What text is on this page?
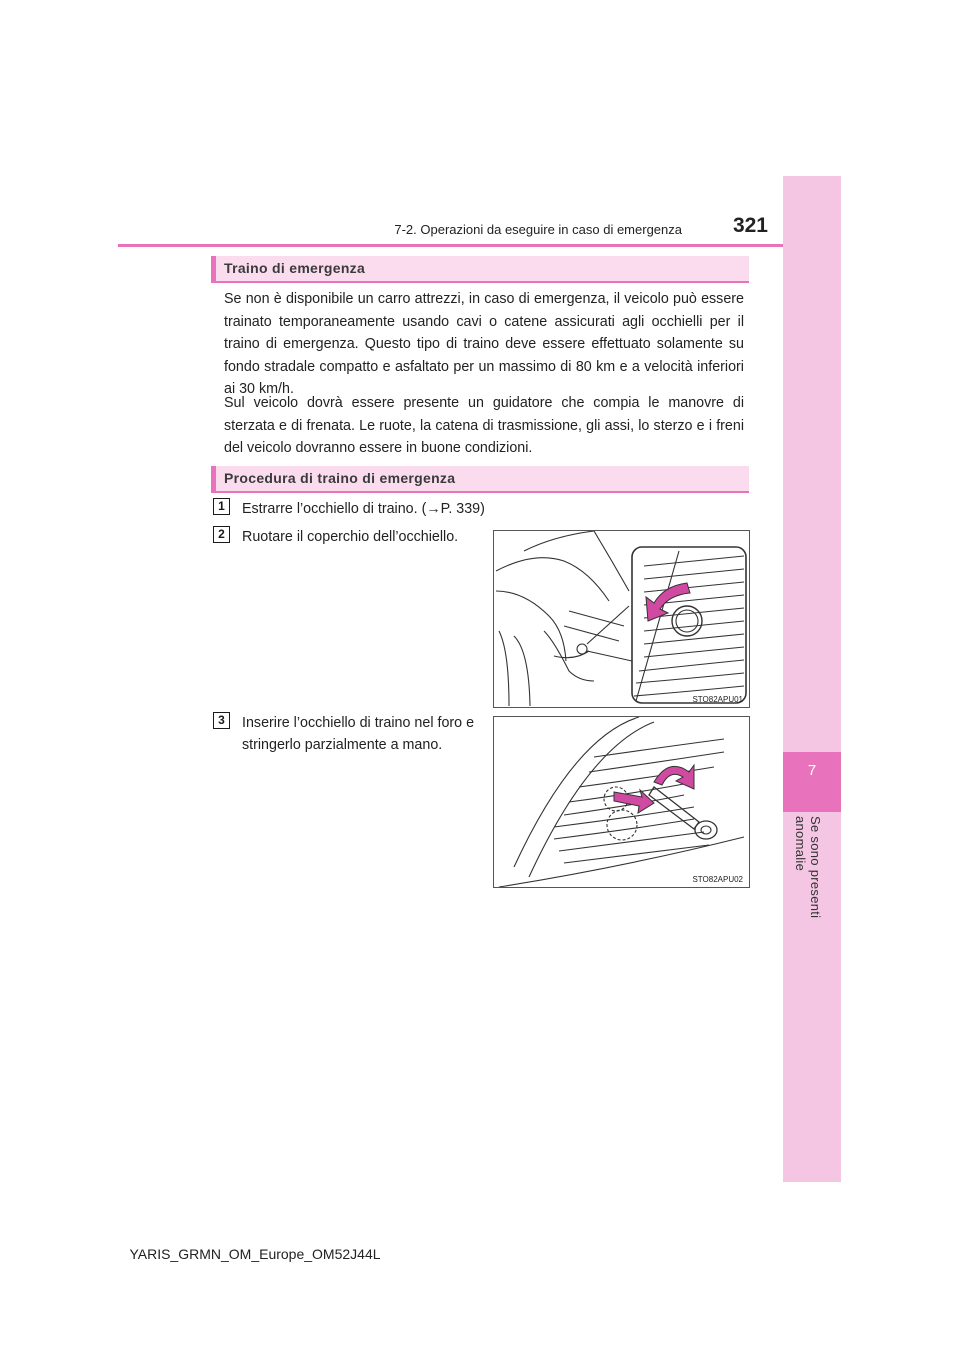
7
Se sono presenti anomalie
7-2. Operazioni da eseguire in caso di emergenza	321
Traino di emergenza

Se non è disponibile un carro attrezzi, in caso di emergenza, il veicolo può essere trainato temporaneamente usando cavi o catene assicurati agli occhielli per il traino di emergenza. Questo tipo di traino deve essere effettuato solamente su fondo stradale compatto e asfaltato per un massimo di 80 km e a velocità inferiori ai 30 km/h.

Sul veicolo dovrà essere presente un guidatore che compia le manovre di sterzata e di frenata. Le ruote, la catena di trasmissione, gli assi, lo sterzo e i freni del veicolo dovranno essere in buone condizioni.

Procedura di traino di emergenza
1	Estrarre l’occhiello di traino. (→P. 339)

2	Ruotare il coperchio dell’occhiello.

STO82APU01
3	Inserire l’occhiello di traino nel foro e stringerlo parzialmente a mano.

STO82APU02
YARIS_GRMN_OM_Europe_OM52J44L
